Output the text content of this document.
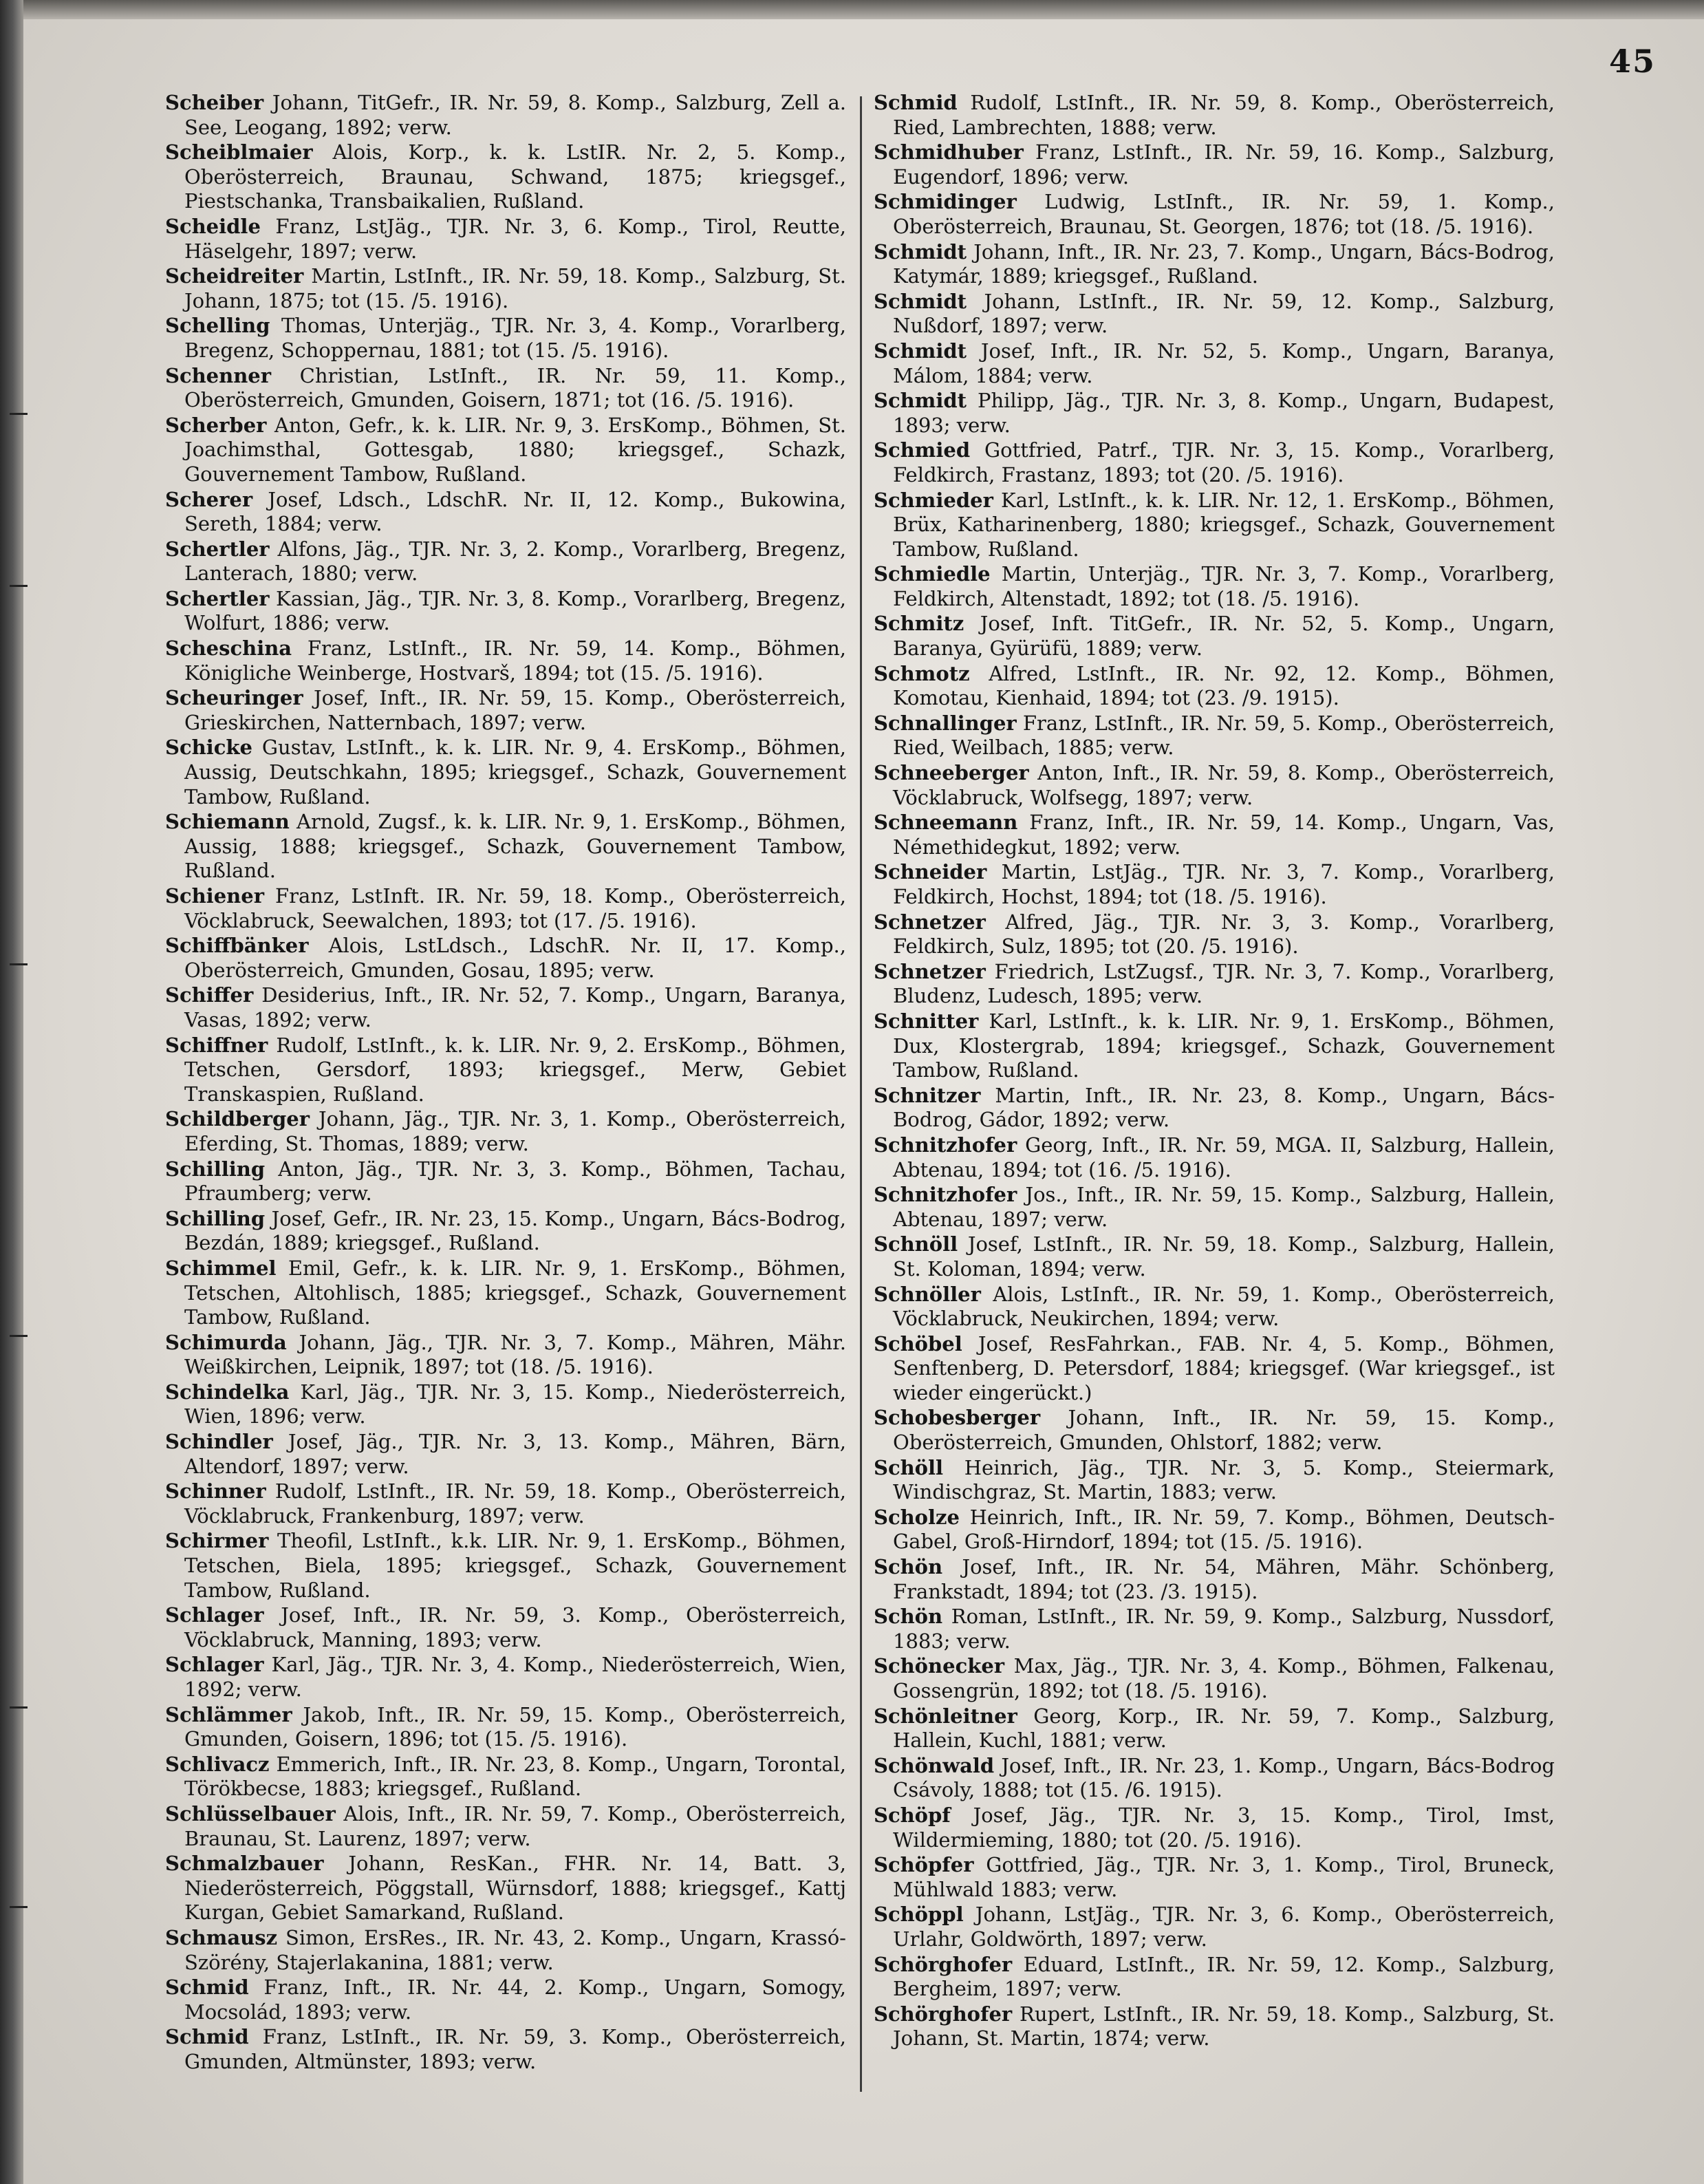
45

Scheiber Johann, TitGefr., IR. Nr. 59, 8. Komp., Salzburg, Zell a. See, Leogang, 1892; verw.

Scheiblmaier Alois, Korp., k. k. LstIR. Nr. 2, 5. Komp., Oberösterreich, Braunau, Schwand, 1875; kriegsgef., Piestschanka, Transbaikalien, Rußland.

Scheidle Franz, LstJäg., TJR. Nr. 3, 6. Komp., Tirol, Reutte, Häselgehr, 1897; verw.

Scheidreiter Martin, LstInft., IR. Nr. 59, 18. Komp., Salzburg, St. Johann, 1875; tot (15. /5. 1916).

Schelling Thomas, Unterjäg., TJR. Nr. 3, 4. Komp., Vorarlberg, Bregenz, Schoppernau, 1881; tot (15. /5. 1916).

Schenner Christian, LstInft., IR. Nr. 59, 11. Komp., Oberösterreich, Gmunden, Goisern, 1871; tot (16. /5. 1916).

Scherber Anton, Gefr., k. k. LIR. Nr. 9, 3. ErsKomp., Böhmen, St. Joachimsthal, Gottesgab, 1880; kriegsgef., Schazk, Gouvernement Tambow, Rußland.

Scherer Josef, Ldsch., LdschR. Nr. II, 12. Komp., Bukowina, Sereth, 1884; verw.

Schertler Alfons, Jäg., TJR. Nr. 3, 2. Komp., Vorarlberg, Bregenz, Lanterach, 1880; verw.

Schertler Kassian, Jäg., TJR. Nr. 3, 8. Komp., Vorarlberg, Bregenz, Wolfurt, 1886; verw.

Scheschina Franz, LstInft., IR. Nr. 59, 14. Komp., Böhmen, Königliche Weinberge, Hostvarš, 1894; tot (15. /5. 1916).

Scheuringer Josef, Inft., IR. Nr. 59, 15. Komp., Oberösterreich, Grieskirchen, Natternbach, 1897; verw.

Schicke Gustav, LstInft., k. k. LIR. Nr. 9, 4. ErsKomp., Böhmen, Aussig, Deutschkahn, 1895; kriegsgef., Schazk, Gouvernement Tambow, Rußland.

Schiemann Arnold, Zugsf., k. k. LIR. Nr. 9, 1. ErsKomp., Böhmen, Aussig, 1888; kriegsgef., Schazk, Gouvernement Tambow, Rußland.

Schiener Franz, LstInft. IR. Nr. 59, 18. Komp., Oberösterreich, Vöcklabruck, Seewalchen, 1893; tot (17. /5. 1916).

Schiffbänker Alois, LstLdsch., LdschR. Nr. II, 17. Komp., Oberösterreich, Gmunden, Gosau, 1895; verw.

Schiffer Desiderius, Inft., IR. Nr. 52, 7. Komp., Ungarn, Baranya, Vasas, 1892; verw.

Schiffner Rudolf, LstInft., k. k. LIR. Nr. 9, 2. ErsKomp., Böhmen, Tetschen, Gersdorf, 1893; kriegsgef., Merw, Gebiet Transkaspien, Rußland.

Schildberger Johann, Jäg., TJR. Nr. 3, 1. Komp., Oberösterreich, Eferding, St. Thomas, 1889; verw.

Schilling Anton, Jäg., TJR. Nr. 3, 3. Komp., Böhmen, Tachau, Pfraumberg; verw.

Schilling Josef, Gefr., IR. Nr. 23, 15. Komp., Ungarn, Bács-Bodrog, Bezdán, 1889; kriegsgef., Rußland.

Schimmel Emil, Gefr., k. k. LIR. Nr. 9, 1. ErsKomp., Böhmen, Tetschen, Altohlisch, 1885; kriegsgef., Schazk, Gouvernement Tambow, Rußland.

Schimurda Johann, Jäg., TJR. Nr. 3, 7. Komp., Mähren, Mähr. Weißkirchen, Leipnik, 1897; tot (18. /5. 1916).

Schindelka Karl, Jäg., TJR. Nr. 3, 15. Komp., Niederösterreich, Wien, 1896; verw.

Schindler Josef, Jäg., TJR. Nr. 3, 13. Komp., Mähren, Bärn, Altendorf, 1897; verw.

Schinner Rudolf, LstInft., IR. Nr. 59, 18. Komp., Oberösterreich, Vöcklabruck, Frankenburg, 1897; verw.

Schirmer Theofil, LstInft., k.k. LIR. Nr. 9, 1. ErsKomp., Böhmen, Tetschen, Biela, 1895; kriegsgef., Schazk, Gouvernement Tambow, Rußland.

Schlager Josef, Inft., IR. Nr. 59, 3. Komp., Oberösterreich, Vöcklabruck, Manning, 1893; verw.

Schlager Karl, Jäg., TJR. Nr. 3, 4. Komp., Niederösterreich, Wien, 1892; verw.

Schlämmer Jakob, Inft., IR. Nr. 59, 15. Komp., Oberösterreich, Gmunden, Goisern, 1896; tot (15. /5. 1916).

Schlivacz Emmerich, Inft., IR. Nr. 23, 8. Komp., Ungarn, Torontal, Törökbecse, 1883; kriegsgef., Rußland.

Schlüsselbauer Alois, Inft., IR. Nr. 59, 7. Komp., Oberösterreich, Braunau, St. Laurenz, 1897; verw.

Schmalzbauer Johann, ResKan., FHR. Nr. 14, Batt. 3, Niederösterreich, Pöggstall, Würnsdorf, 1888; kriegsgef., Kattj Kurgan, Gebiet Samarkand, Rußland.

Schmausz Simon, ErsRes., IR. Nr. 43, 2. Komp., Ungarn, Krassó-Szörény, Stajerlakanina, 1881; verw.

Schmid Franz, Inft., IR. Nr. 44, 2. Komp., Ungarn, Somogy, Mocsolád, 1893; verw.

Schmid Franz, LstInft., IR. Nr. 59, 3. Komp., Oberösterreich, Gmunden, Altmünster, 1893; verw.

Schmid Rudolf, LstInft., IR. Nr. 59, 8. Komp., Oberösterreich, Ried, Lambrechten, 1888; verw.

Schmidhuber Franz, LstInft., IR. Nr. 59, 16. Komp., Salzburg, Eugendorf, 1896; verw.

Schmidinger Ludwig, LstInft., IR. Nr. 59, 1. Komp., Oberösterreich, Braunau, St. Georgen, 1876; tot (18. /5. 1916).

Schmidt Johann, Inft., IR. Nr. 23, 7. Komp., Ungarn, Bács-Bodrog, Katymár, 1889; kriegsgef., Rußland.

Schmidt Johann, LstInft., IR. Nr. 59, 12. Komp., Salzburg, Nußdorf, 1897; verw.

Schmidt Josef, Inft., IR. Nr. 52, 5. Komp., Ungarn, Baranya, Málom, 1884; verw.

Schmidt Philipp, Jäg., TJR. Nr. 3, 8. Komp., Ungarn, Budapest, 1893; verw.

Schmied Gottfried, Patrf., TJR. Nr. 3, 15. Komp., Vorarlberg, Feldkirch, Frastanz, 1893; tot (20. /5. 1916).

Schmieder Karl, LstInft., k. k. LIR. Nr. 12, 1. ErsKomp., Böhmen, Brüx, Katharinenberg, 1880; kriegsgef., Schazk, Gouvernement Tambow, Rußland.

Schmiedle Martin, Unterjäg., TJR. Nr. 3, 7. Komp., Vorarlberg, Feldkirch, Altenstadt, 1892; tot (18. /5. 1916).

Schmitz Josef, Inft. TitGefr., IR. Nr. 52, 5. Komp., Ungarn, Baranya, Gyürüfü, 1889; verw.

Schmotz Alfred, LstInft., IR. Nr. 92, 12. Komp., Böhmen, Komotau, Kienhaid, 1894; tot (23. /9. 1915).

Schnallinger Franz, LstInft., IR. Nr. 59, 5. Komp., Oberösterreich, Ried, Weilbach, 1885; verw.

Schneeberger Anton, Inft., IR. Nr. 59, 8. Komp., Oberösterreich, Vöcklabruck, Wolfsegg, 1897; verw.

Schneemann Franz, Inft., IR. Nr. 59, 14. Komp., Ungarn, Vas, Némethidegkut, 1892; verw.

Schneider Martin, LstJäg., TJR. Nr. 3, 7. Komp., Vorarlberg, Feldkirch, Hochst, 1894; tot (18. /5. 1916).

Schnetzer Alfred, Jäg., TJR. Nr. 3, 3. Komp., Vorarlberg, Feldkirch, Sulz, 1895; tot (20. /5. 1916).

Schnetzer Friedrich, LstZugsf., TJR. Nr. 3, 7. Komp., Vorarlberg, Bludenz, Ludesch, 1895; verw.

Schnitter Karl, LstInft., k. k. LIR. Nr. 9, 1. ErsKomp., Böhmen, Dux, Klostergrab, 1894; kriegsgef., Schazk, Gouvernement Tambow, Rußland.

Schnitzer Martin, Inft., IR. Nr. 23, 8. Komp., Ungarn, Bács-Bodrog, Gádor, 1892; verw.

Schnitzhofer Georg, Inft., IR. Nr. 59, MGA. II, Salzburg, Hallein, Abtenau, 1894; tot (16. /5. 1916).

Schnitzhofer Jos., Inft., IR. Nr. 59, 15. Komp., Salzburg, Hallein, Abtenau, 1897; verw.

Schnöll Josef, LstInft., IR. Nr. 59, 18. Komp., Salzburg, Hallein, St. Koloman, 1894; verw.

Schnöller Alois, LstInft., IR. Nr. 59, 1. Komp., Oberösterreich, Vöcklabruck, Neukirchen, 1894; verw.

Schöbel Josef, ResFahrkan., FAB. Nr. 4, 5. Komp., Böhmen, Senftenberg, D. Petersdorf, 1884; kriegsgef. (War kriegsgef., ist wieder eingerückt.)

Schobesberger Johann, Inft., IR. Nr. 59, 15. Komp., Oberösterreich, Gmunden, Ohlstorf, 1882; verw.

Schöll Heinrich, Jäg., TJR. Nr. 3, 5. Komp., Steiermark, Windischgraz, St. Martin, 1883; verw.

Scholze Heinrich, Inft., IR. Nr. 59, 7. Komp., Böhmen, Deutsch-Gabel, Groß-Hirndorf, 1894; tot (15. /5. 1916).

Schön Josef, Inft., IR. Nr. 54, Mähren, Mähr. Schönberg, Frankstadt, 1894; tot (23. /3. 1915).

Schön Roman, LstInft., IR. Nr. 59, 9. Komp., Salzburg, Nussdorf, 1883; verw.

Schönecker Max, Jäg., TJR. Nr. 3, 4. Komp., Böhmen, Falkenau, Gossengrün, 1892; tot (18. /5. 1916).

Schönleitner Georg, Korp., IR. Nr. 59, 7. Komp., Salzburg, Hallein, Kuchl, 1881; verw.

Schönwald Josef, Inft., IR. Nr. 23, 1. Komp., Ungarn, Bács-Bodrog Csávoly, 1888; tot (15. /6. 1915).

Schöpf Josef, Jäg., TJR. Nr. 3, 15. Komp., Tirol, Imst, Wildermieming, 1880; tot (20. /5. 1916).

Schöpfer Gottfried, Jäg., TJR. Nr. 3, 1. Komp., Tirol, Bruneck, Mühlwald 1883; verw.

Schöppl Johann, LstJäg., TJR. Nr. 3, 6. Komp., Oberösterreich, Urlahr, Goldwörth, 1897; verw.

Schörghofer Eduard, LstInft., IR. Nr. 59, 12. Komp., Salzburg, Bergheim, 1897; verw.

Schörghofer Rupert, LstInft., IR. Nr. 59, 18. Komp., Salzburg, St. Johann, St. Martin, 1874; verw.
